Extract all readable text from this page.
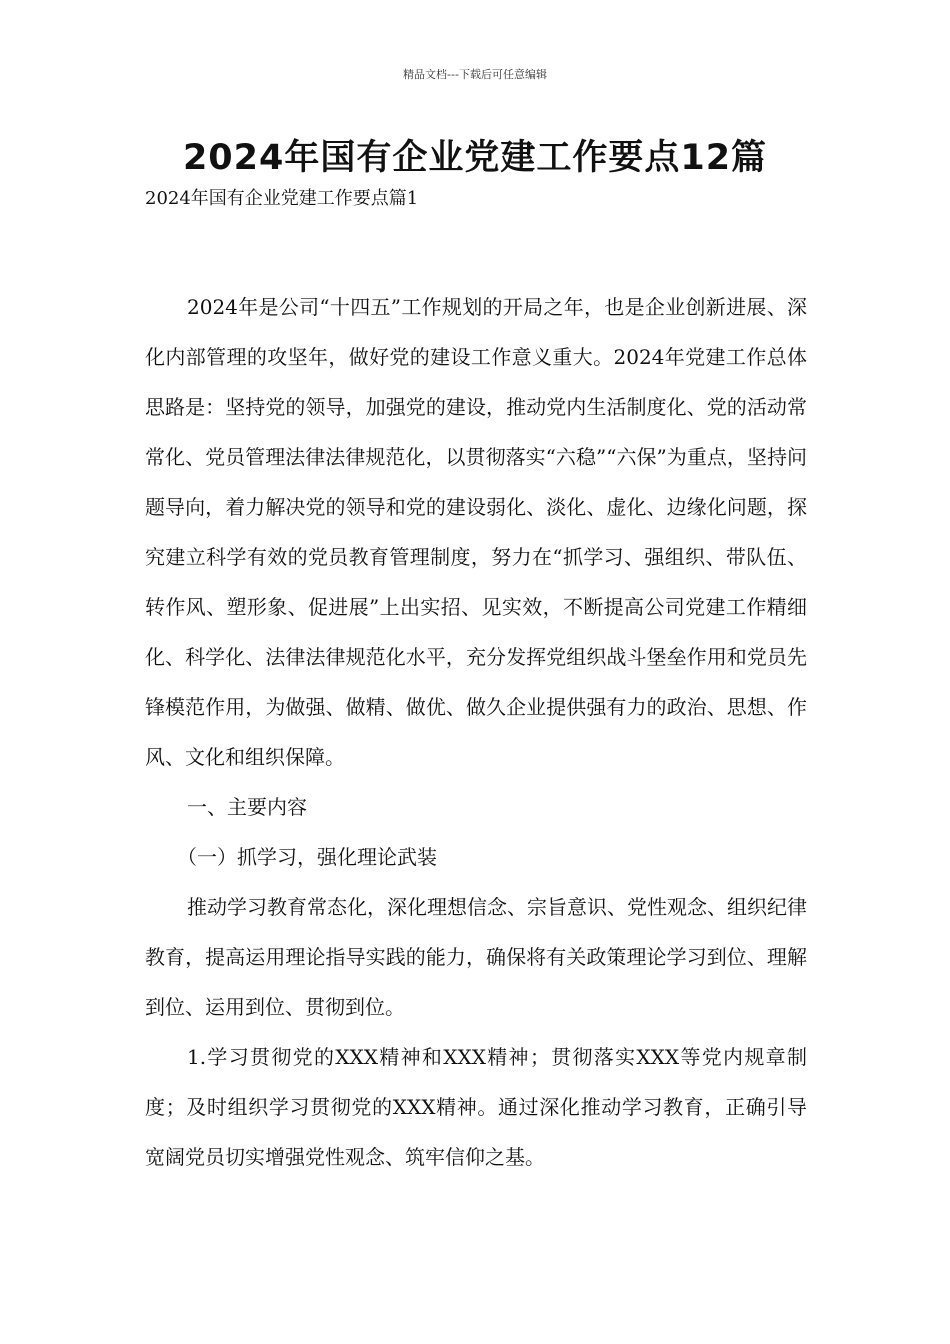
精品文档---下载后可任意编辑
2024年国有企业党建工作要点12篇
2024年国有企业党建工作要点篇1

2024年是公司“十四五”工作规划的开局之年，也是企业创新进展、深化内部管理的攻坚年，做好党的建设工作意义重大。2024年党建工作总体思路是：坚持党的领导，加强党的建设，推动党内生活制度化、党的活动常常化、党员管理法律法律规范化，以贯彻落实“六稳”“六保”为重点，坚持问题导向，着力解决党的领导和党的建设弱化、淡化、虚化、边缘化问题，探究建立科学有效的党员教育管理制度，努力在“抓学习、强组织、带队伍、转作风、塑形象、促进展”上出实招、见实效，不断提高公司党建工作精细化、科学化、法律法律规范化水平，充分发挥党组织战斗堡垒作用和党员先锋模范作用，为做强、做精、做优、做久企业提供强有力的政治、思想、作风、文化和组织保障。

一、主要内容

（一）抓学习，强化理论武装

推动学习教育常态化，深化理想信念、宗旨意识、党性观念、组织纪律教育，提高运用理论指导实践的能力，确保将有关政策理论学习到位、理解到位、运用到位、贯彻到位。

1.学习贯彻党的XXX精神和XXX精神；贯彻落实XXX等党内规章制度；及时组织学习贯彻党的XXX精神。通过深化推动学习教育，正确引导宽阔党员切实增强党性观念、筑牢信仰之基。
